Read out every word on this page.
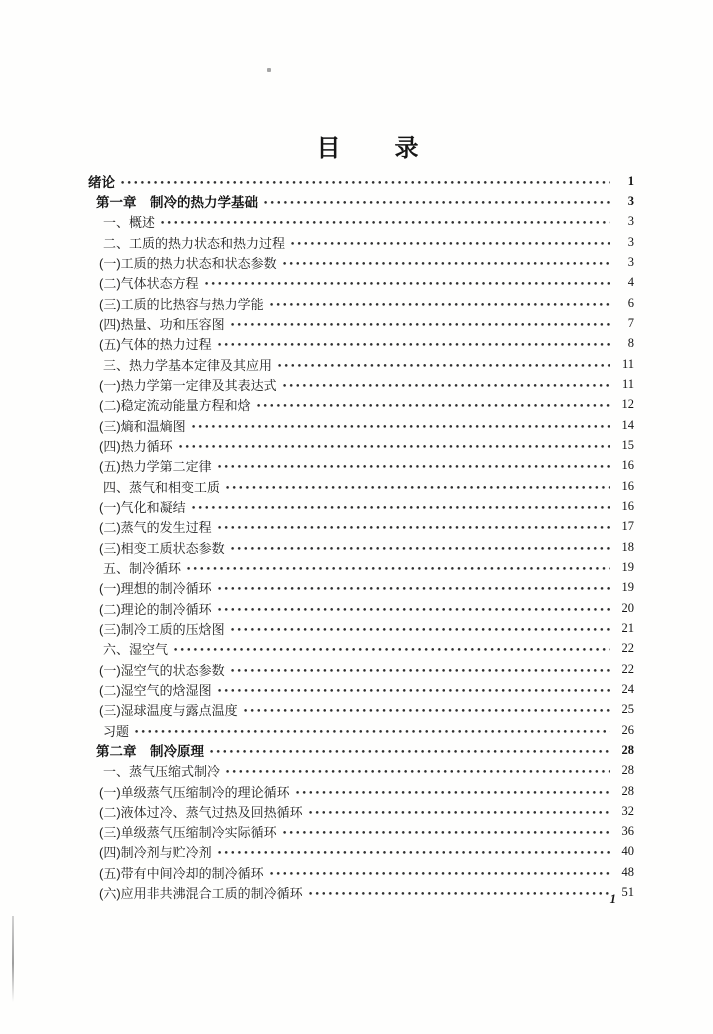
目　　录
绪论	1
第一章　制冷的热力学基础	3
一、概述	3
二、工质的热力状态和热力过程	3
(一)工质的热力状态和状态参数	3
(二)气体状态方程	4
(三)工质的比热容与热力学能	6
(四)热量、功和压容图	7
(五)气体的热力过程	8
三、热力学基本定律及其应用	11
(一)热力学第一定律及其表达式	11
(二)稳定流动能量方程和焓	12
(三)熵和温熵图	14
(四)热力循环	15
(五)热力学第二定律	16
四、蒸气和相变工质	16
(一)气化和凝结	16
(二)蒸气的发生过程	17
(三)相变工质状态参数	18
五、制冷循环	19
(一)理想的制冷循环	19
(二)理论的制冷循环	20
(三)制冷工质的压焓图	21
六、湿空气	22
(一)湿空气的状态参数	22
(二)湿空气的焓湿图	24
(三)湿球温度与露点温度	25
习题	26
第二章　制冷原理	28
一、蒸气压缩式制冷	28
(一)单级蒸气压缩制冷的理论循环	28
(二)液体过冷、蒸气过热及回热循环	32
(三)单级蒸气压缩制冷实际循环	36
(四)制冷剂与贮冷剂	40
(五)带有中间冷却的制冷循环	48
(六)应用非共沸混合工质的制冷循环	51
1
